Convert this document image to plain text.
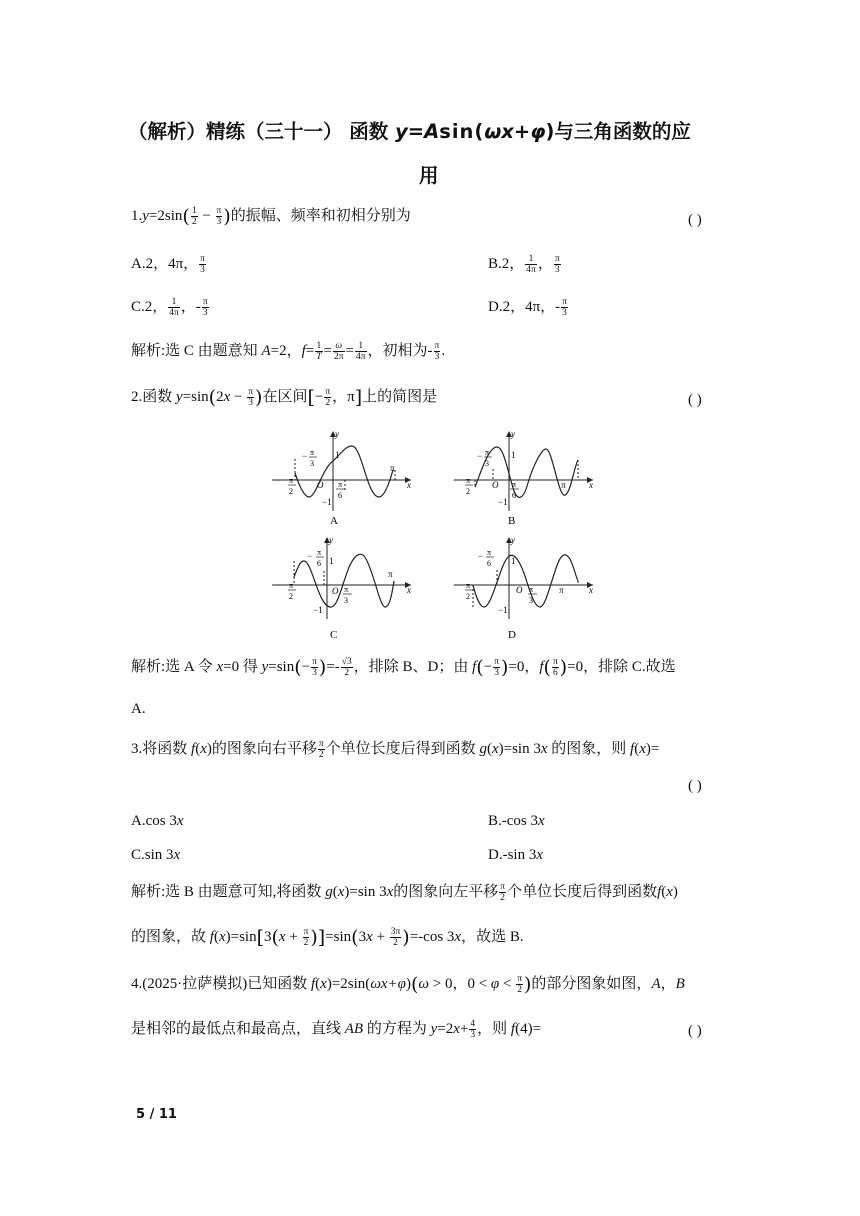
（解析）精练（三十一） 函数 y=Asin(ωx+φ)与三角函数的应
用
$1.y=2\sin( \frac{1}{2} - \frac{\pi}{3}$ )的振幅、频率和初相分别为	( )
A.2，4π， $\frac{\pi}{3}$	B.2， $\frac{1}{4\pi}$ ， $\frac{\pi}{3}$
C.2， $\frac{1}{4\pi}$ ，- $\frac{\pi}{3}$	D.2，4π，- $\frac{\pi}{3}$
解析:选 C 由题意知 A=2，$f= \frac{1}{T} = \frac{\omega}{2\pi} = \frac{1}{4\pi}$ ，初相为- $\frac{\pi}{3}$ .
2.函数 $y=\sin(2x - \frac{\pi}{3}$ )在区间[− $\frac{\pi}{2}$ ，π]上的简图是	( )
y
x
1
−1
O
π
− π
3
− π
2
π
6
A
y
x
1
−1
O	π
− π
3
− π
2
π
6
B
y
x
1
−1
O
π
− π
6
− π
2
π
3
C
y
x
1
−1
O	π
− π
6
− π
2
π
3
D
解析:选 A 令 x=0 得 $y=\sin(- \frac{\pi}{3}$ )=- $\frac{√3}{2}$ ，排除 B、D；由 $f(- \frac{\pi}{3} )=0$，$f( \frac{\pi}{6} )=0$，排除 C.故选
A.
3.将函数 f(x)的图象向右平移 $\frac{\pi}{2}$ 个单位长度后得到函数 g(x)=sin 3x 的图象，则 f(x)=
( )
A.cos 3x	B.-cos 3x
C.sin 3x	D.-sin 3x
解析:选 B 由题意可知,将函数 g(x)=sin 3x的图象向左平移 $\frac{\pi}{2}$ 个单位长度后得到函数f(x)
的图象，故 $f(x)=\sin[3(x + \frac{\pi}{2} )]=\sin(3x + \frac{3\pi}{2} )=-\cos$ 3x，故选 B.
4.(2025·拉萨模拟)已知函数 f(x)=2sin(ωx+φ)(ω > 0，$0 < \varphi < \frac{\pi}{2}$ )的部分图象如图，A，B
是相邻的最低点和最高点，直线 AB 的方程为 $y=2x+ \frac{4}{3}$ ，则 f(4)=	( )
5 / 11
